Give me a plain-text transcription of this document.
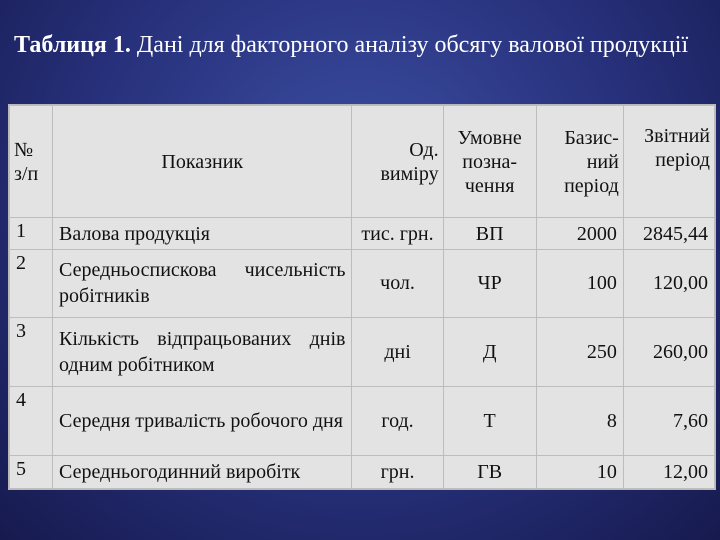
Таблиця 1. Дані для факторного аналізу обсягу валової продукції
№ з/п	Показник	Од. виміру	Умовне позна- чення	Базис- ний період	Звітний період
1	Валова продукція	тис. грн.	ВП	2000	2845,44
2	Середньоспискова чисельність робітників	чол.	ЧР	100	120,00
3	Кількість відпрацьованих днів одним робітником	дні	Д	250	260,00
4	Середня тривалість робочого дня	год.	Т	8	7,60
5	Середньогодинний виробітк	грн.	ГВ	10	12,00
